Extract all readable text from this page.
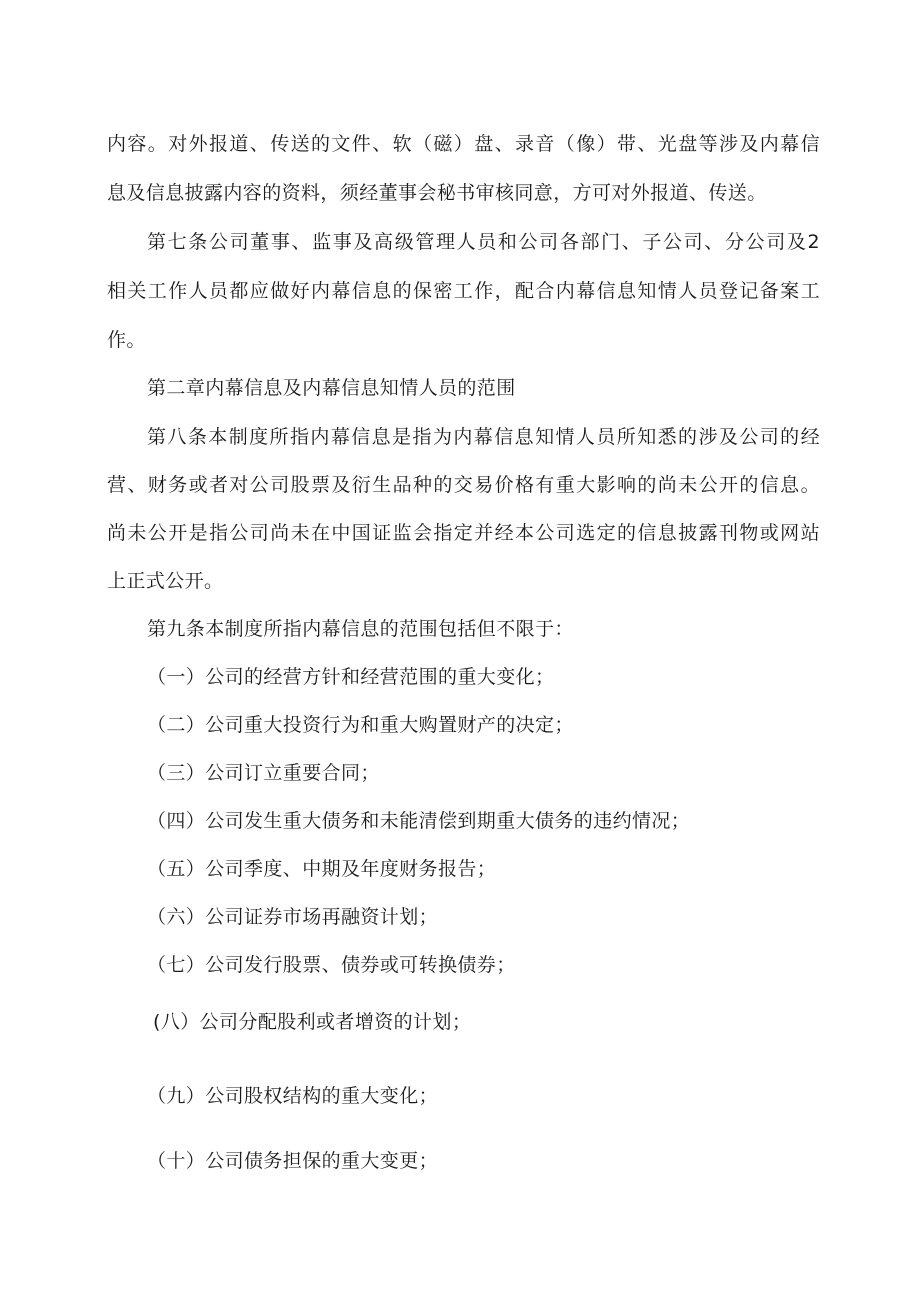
内容。对外报道、传送的文件、软（磁）盘、录音（像）带、光盘等涉及内幕信
息及信息披露内容的资料，须经董事会秘书审核同意，方可对外报道、传送。
第七条公司董事、监事及高级管理人员和公司各部门、子公司、分公司及2
相关工作人员都应做好内幕信息的保密工作，配合内幕信息知情人员登记备案工
作。
第二章内幕信息及内幕信息知情人员的范围
第八条本制度所指内幕信息是指为内幕信息知情人员所知悉的涉及公司的经
营、财务或者对公司股票及衍生品种的交易价格有重大影响的尚未公开的信息。
尚未公开是指公司尚未在中国证监会指定并经本公司选定的信息披露刊物或网站
上正式公开。
第九条本制度所指内幕信息的范围包括但不限于：
（一）公司的经营方针和经营范围的重大变化；
（二）公司重大投资行为和重大购置财产的决定；
（三）公司订立重要合同；
（四）公司发生重大债务和未能清偿到期重大债务的违约情况；
（五）公司季度、中期及年度财务报告；
（六）公司证券市场再融资计划；
（七）公司发行股票、债券或可转换债券；
(八）公司分配股利或者增资的计划；
（九）公司股权结构的重大变化；
（十）公司债务担保的重大变更；
